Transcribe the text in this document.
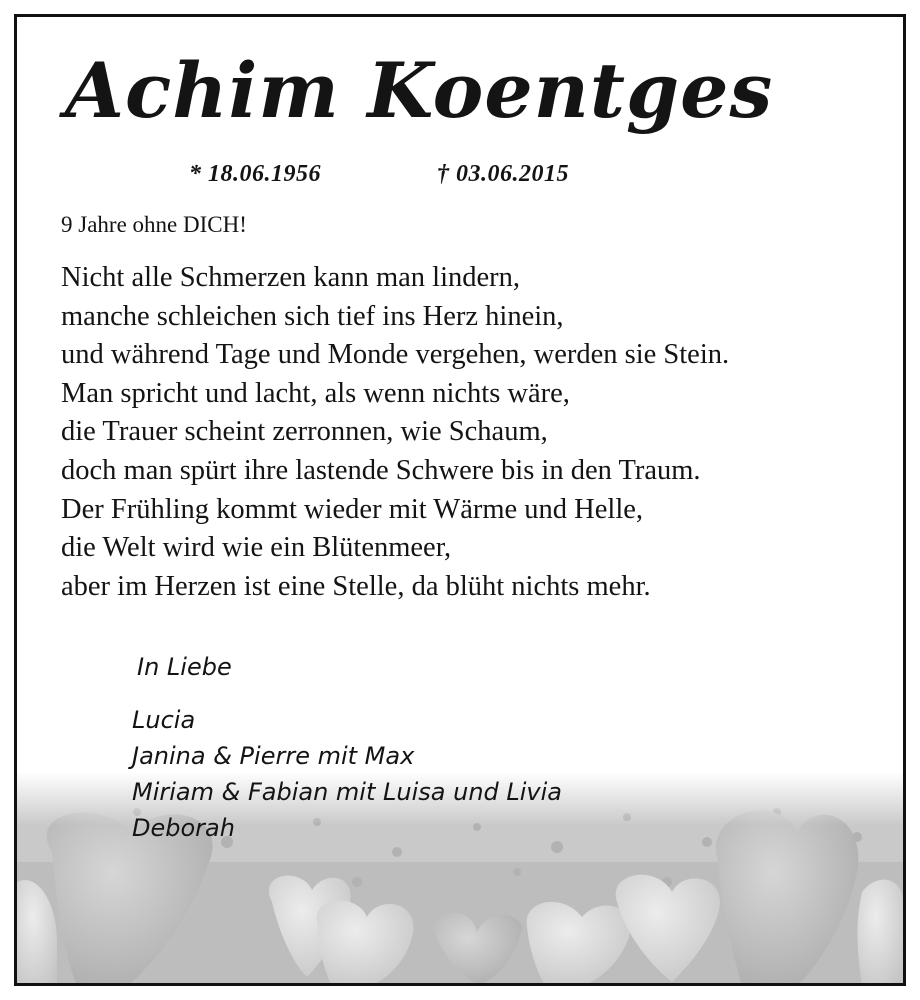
Achim Koentges

* 18.06.1956	† 03.06.2015

9 Jahre ohne DICH!

Nicht alle Schmerzen kann man lindern,
manche schleichen sich tief ins Herz hinein,
und während Tage und Monde vergehen, werden sie Stein.
Man spricht und lacht, als wenn nichts wäre,
die Trauer scheint zerronnen, wie Schaum,
doch man spürt ihre lastende Schwere bis in den Traum.
Der Frühling kommt wieder mit Wärme und Helle,
die Welt wird wie ein Blütenmeer,
aber im Herzen ist eine Stelle, da blüht nichts mehr.

In Liebe

Lucia
Janina & Pierre mit Max
Miriam & Fabian mit Luisa und Livia
Deborah
